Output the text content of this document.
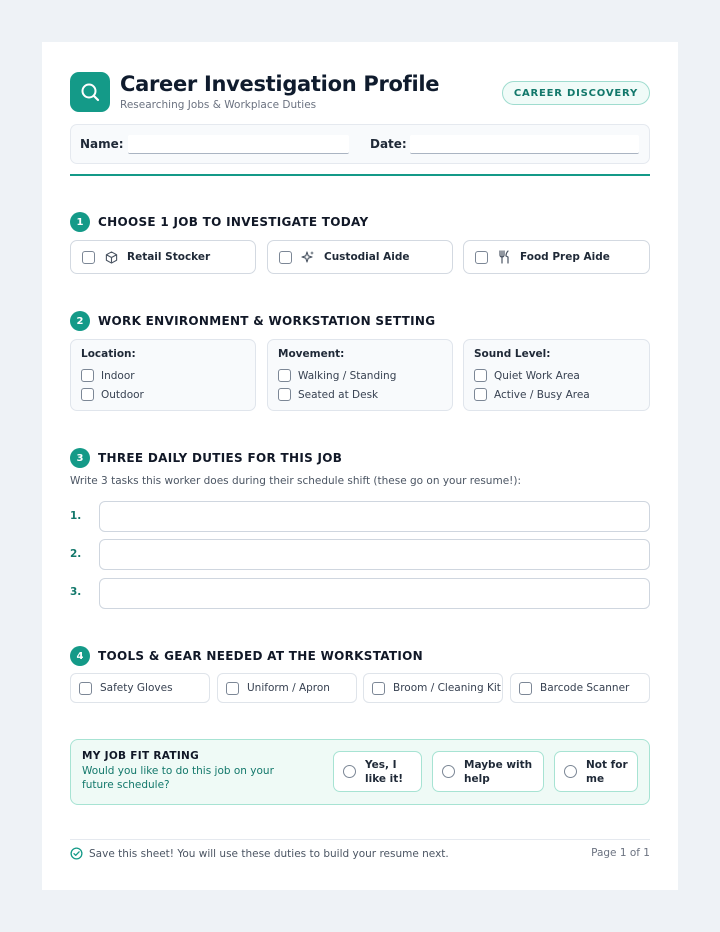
Career Investigation Profile
Researching Jobs & Workplace Duties
CAREER DISCOVERY
Name:	Date:
1	CHOOSE 1 JOB TO INVESTIGATE TODAY
Retail Stocker	Custodial Aide	Food Prep Aide
2	WORK ENVIRONMENT & WORKSTATION SETTING
Location:
Indoor
Outdoor
Movement:
Walking / Standing
Seated at Desk
Sound Level:
Quiet Work Area
Active / Busy Area
3	THREE DAILY DUTIES FOR THIS JOB
Write 3 tasks this worker does during their schedule shift (these go on your resume!):
1.
2.
3.
4	TOOLS & GEAR NEEDED AT THE WORKSTATION
Safety Gloves	Uniform / Apron	Broom / Cleaning Kit	Barcode Scanner
MY JOB FIT RATING
Would you like to do this job on your future schedule?
Yes, I like it!
Maybe with help
Not for me
Save this sheet! You will use these duties to build your resume next.	Page 1 of 1
